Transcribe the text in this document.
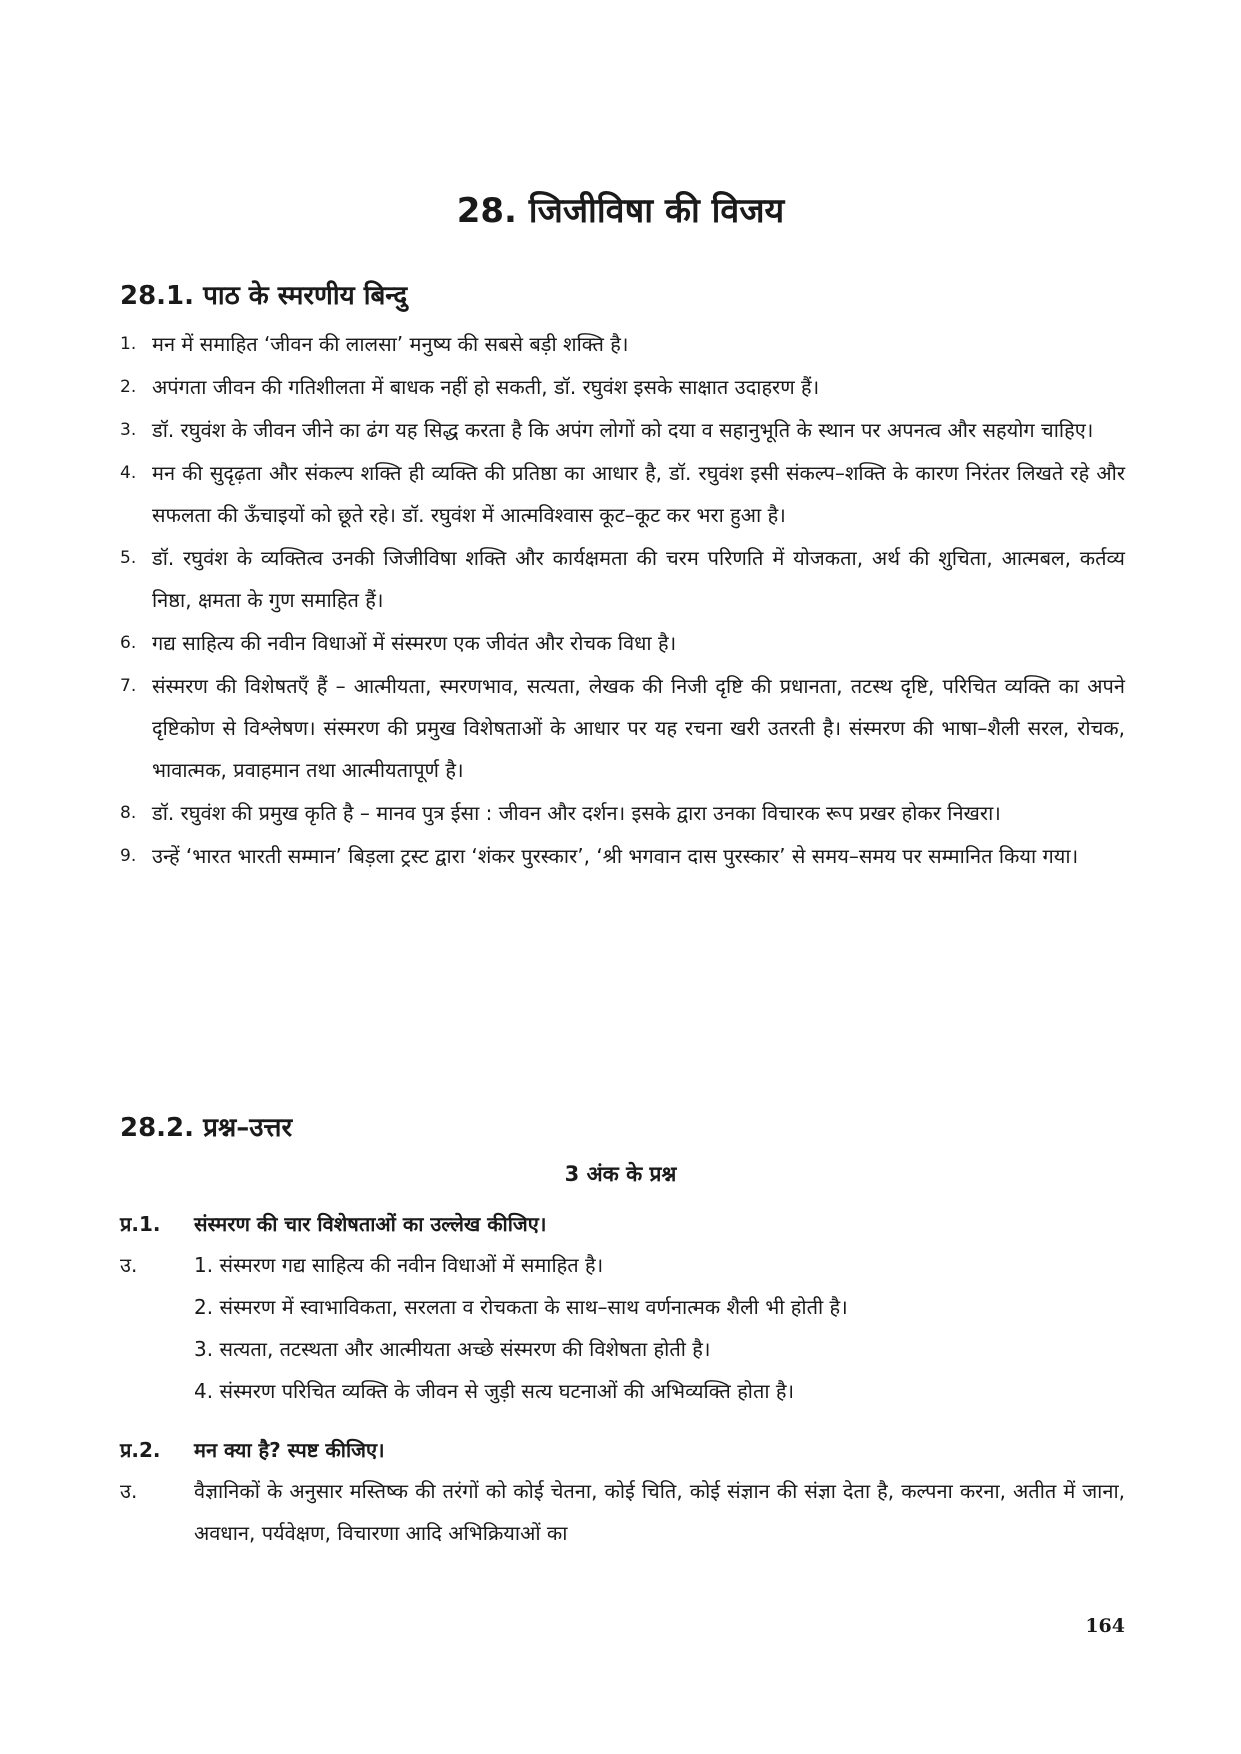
28. जिजीविषा की विजय
28.1. पाठ के स्मरणीय बिन्दु
1. मन में समाहित ‘जीवन की लालसा’ मनुष्य की सबसे बड़ी शक्ति है।
2. अपंगता जीवन की गतिशीलता में बाधक नहीं हो सकती, डॉ. रघुवंश इसके साक्षात उदाहरण हैं।
3. डॉ. रघुवंश के जीवन जीने का ढंग यह सिद्ध करता है कि अपंग लोगों को दया व सहानुभूति के स्थान पर अपनत्व और सहयोग चाहिए।
4. मन की सुदृढ़ता और संकल्प शक्ति ही व्यक्ति की प्रतिष्ठा का आधार है, डॉ. रघुवंश इसी संकल्प–शक्ति के कारण निरंतर लिखते रहे और सफलता की ऊँचाइयों को छूते रहे। डॉ. रघुवंश में आत्मविश्वास कूट–कूट कर भरा हुआ है।
5. डॉ. रघुवंश के व्यक्तित्व उनकी जिजीविषा शक्ति और कार्यक्षमता की चरम परिणति में योजकता, अर्थ की शुचिता, आत्मबल, कर्तव्य निष्ठा, क्षमता के गुण समाहित हैं।
6. गद्य साहित्य की नवीन विधाओं में संस्मरण एक जीवंत और रोचक विधा है।
7. संस्मरण की विशेषतएँ हैं – आत्मीयता, स्मरणभाव, सत्यता, लेखक की निजी दृष्टि की प्रधानता, तटस्थ दृष्टि, परिचित व्यक्ति का अपने दृष्टिकोण से विश्लेषण। संस्मरण की प्रमुख विशेषताओं के आधार पर यह रचना खरी उतरती है। संस्मरण की भाषा–शैली सरल, रोचक, भावात्मक, प्रवाहमान तथा आत्मीयतापूर्ण है।
8. डॉ. रघुवंश की प्रमुख कृति है – मानव पुत्र ईसा : जीवन और दर्शन। इसके द्वारा उनका विचारक रूप प्रखर होकर निखरा।
9. उन्हें ‘भारत भारती सम्मान’ बिड़ला ट्रस्ट द्वारा ‘शंकर पुरस्कार’, ‘श्री भगवान दास पुरस्कार’ से समय–समय पर सम्मानित किया गया।
28.2. प्रश्न–उत्तर
3 अंक के प्रश्न
प्र.1.	संस्मरण की चार विशेषताओं का उल्लेख कीजिए।
उ.	1. संस्मरण गद्य साहित्य की नवीन विधाओं में समाहित है।
2. संस्मरण में स्वाभाविकता, सरलता व रोचकता के साथ–साथ वर्णनात्मक शैली भी होती है।
3. सत्यता, तटस्थता और आत्मीयता अच्छे संस्मरण की विशेषता होती है।
4. संस्मरण परिचित व्यक्ति के जीवन से जुड़ी सत्य घटनाओं की अभिव्यक्ति होता है।
प्र.2.	मन क्या है? स्पष्ट कीजिए।
उ.	वैज्ञानिकों के अनुसार मस्तिष्क की तरंगों को कोई चेतना, कोई चिति, कोई संज्ञान की संज्ञा देता है, कल्पना करना, अतीत में जाना, अवधान, पर्यवेक्षण, विचारणा आदि अभिक्रियाओं का
164
